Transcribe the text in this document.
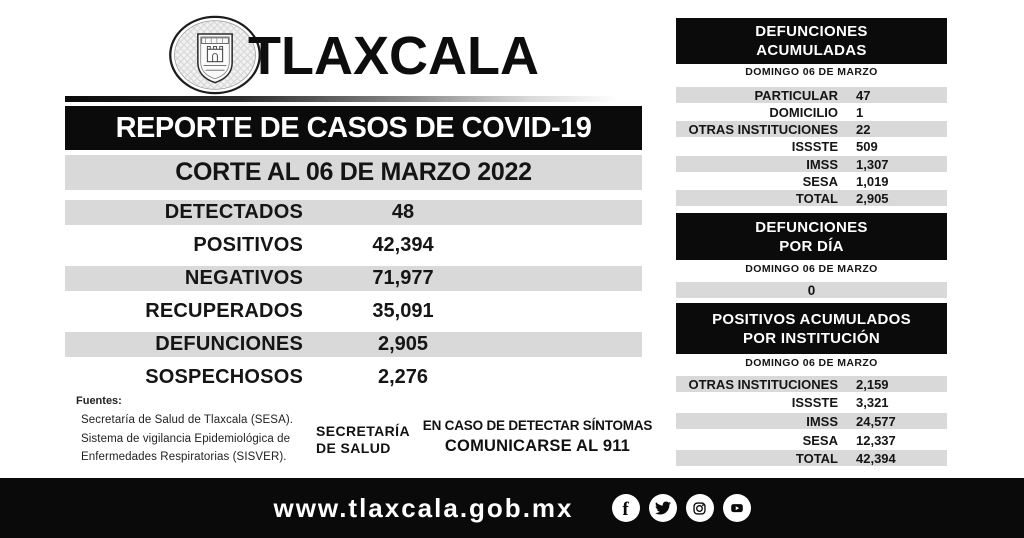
TLAXCALA
REPORTE DE CASOS DE COVID-19
CORTE AL 06 DE MARZO 2022
DETECTADOS	48
POSITIVOS	42,394
NEGATIVOS	71,977
RECUPERADOS	35,091
DEFUNCIONES	2,905
SOSPECHOSOS	2,276
Fuentes:
Secretaría de Salud de Tlaxcala (SESA).
Sistema de vigilancia Epidemiológica de
Enfermedades Respiratorias (SISVER).
SECRETARÍA
DE SALUD
EN CASO DE DETECTAR SÍNTOMAS
COMUNICARSE AL 911
DEFUNCIONES
ACUMULADAS
DOMINGO 06 DE MARZO
PARTICULAR 47
DOMICILIO 1
OTRAS INSTITUCIONES 22
ISSSTE 509
IMSS 1,307
SESA 1,019
TOTAL 2,905
DEFUNCIONES
POR DÍA
DOMINGO 06 DE MARZO
0
POSITIVOS ACUMULADOS
POR INSTITUCIÓN
DOMINGO 06 DE MARZO
OTRAS INSTITUCIONES 2,159
ISSSTE 3,321
IMSS 24,577
SESA 12,337
TOTAL 42,394
www.tlaxcala.gob.mx	f
